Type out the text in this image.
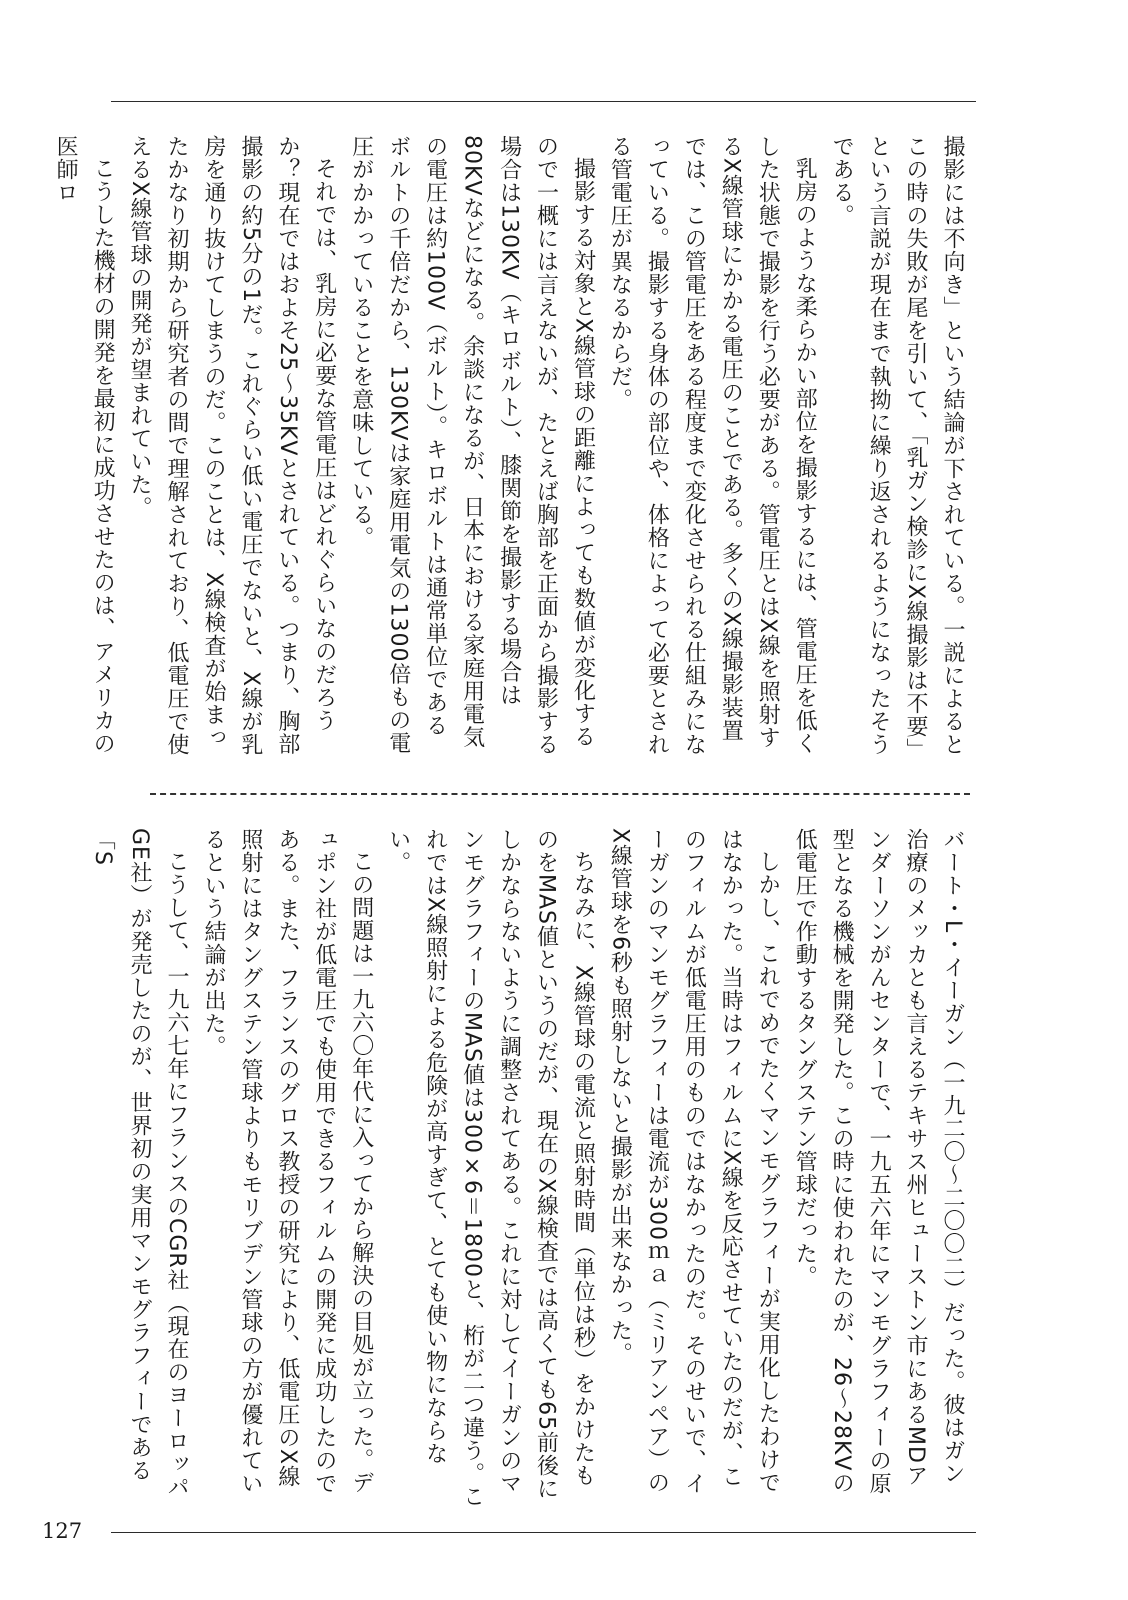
撮影には不向き」という結論が下されている。一説によるとこの時の失敗が尾を引いて、「乳ガン検診にX線撮影は不要」という言説が現在まで執拗に繰り返されるようになったそうである。

乳房のような柔らかい部位を撮影するには、管電圧を低くした状態で撮影を行う必要がある。管電圧とはX線を照射するX線管球にかかる電圧のことである。多くのX線撮影装置では、この管電圧をある程度まで変化させられる仕組みになっている。撮影する身体の部位や、体格によって必要とされる管電圧が異なるからだ。

撮影する対象とX線管球の距離によっても数値が変化するので一概には言えないが、たとえば胸部を正面から撮影する場合は130KV（キロボルト）、膝関節を撮影する場合は80KVなどになる。余談になるが、日本における家庭用電気の電圧は約100V（ボルト）。キロボルトは通常単位であるボルトの千倍だから、130KVは家庭用電気の1300倍もの電圧がかかっていることを意味している。

それでは、乳房に必要な管電圧はどれぐらいなのだろうか？現在ではおよそ25～35KVとされている。つまり、胸部撮影の約5分の1だ。これぐらい低い電圧でないと、X線が乳房を通り抜けてしまうのだ。このことは、X線検査が始まったかなり初期から研究者の間で理解されており、低電圧で使えるX線管球の開発が望まれていた。

こうした機材の開発を最初に成功させたのは、アメリカの医師ロ

バート・L・イーガン（一九二〇～二〇〇二）だった。彼はガン治療のメッカとも言えるテキサス州ヒューストン市にあるMDアンダーソンがんセンターで、一九五六年にマンモグラフィーの原型となる機械を開発した。この時に使われたのが、26～28KVの低電圧で作動するタングステン管球だった。

しかし、これでめでたくマンモグラフィーが実用化したわけではなかった。当時はフィルムにX線を反応させていたのだが、このフィルムが低電圧用のものではなかったのだ。そのせいで、イーガンのマンモグラフィーは電流が300ｍａ（ミリアンペア）のX線管球を6秒も照射しないと撮影が出来なかった。

ちなみに、X線管球の電流と照射時間（単位は秒）をかけたものをMAS値というのだが、現在のX線検査では高くても65前後にしかならないように調整されてある。これに対してイーガンのマンモグラフィーのMAS値は300×6＝1800と、桁が二つ違う。これではX線照射による危険が高すぎて、とても使い物にならない。

この問題は一九六〇年代に入ってから解決の目処が立った。デュポン社が低電圧でも使用できるフィルムの開発に成功したのである。また、フランスのグロス教授の研究により、低電圧のX線照射にはタングステン管球よりもモリブデン管球の方が優れているという結論が出た。

こうして、一九六七年にフランスのCGR社（現在のヨーロッパGE社）が発売したのが、世界初の実用マンモグラフィーである「S

127
